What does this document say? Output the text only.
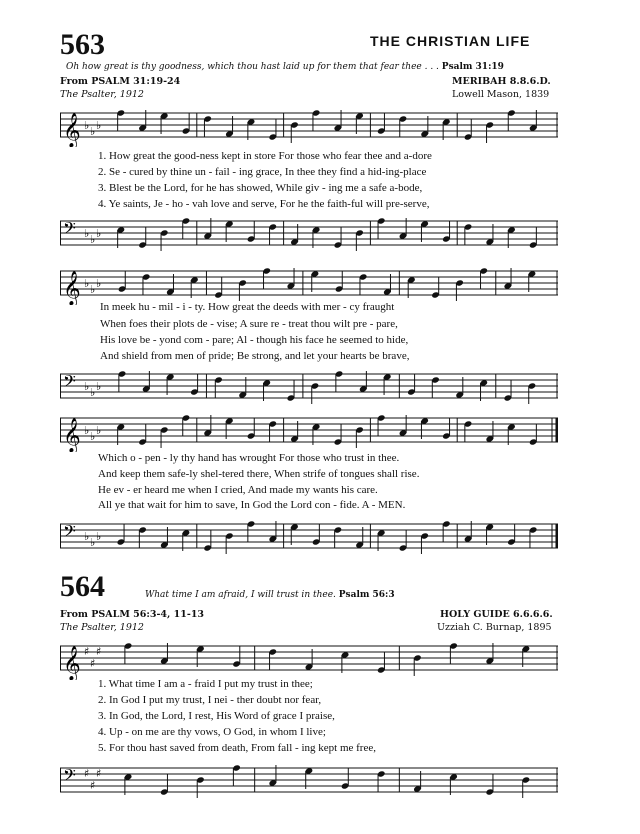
563	THE CHRISTIAN LIFE
Oh how great is thy goodness, which thou hast laid up for them that fear thee . . . Psalm 31:19
From PSALM 31:19-24	MERIBAH 8.8.6.D.
The Psalter, 1912	Lowell Mason, 1839
𝄞 ♭ ♭ ♭
1. How great the good-ness kept in store For those who fear thee and a-dore
2. Se - cured by thine un - fail - ing grace, In thee they find a hid-ing-place
3. Blest be the Lord, for he has showed, While giv - ing me a safe a-bode,
4. Ye saints, Je - ho - vah love and serve, For he the faith-ful will pre-serve,
𝄢 ♭ ♭ ♭
𝄞 ♭ ♭ ♭
In meek hu - mil - i - ty. How great the deeds with mer - cy fraught
When foes their plots de - vise; A sure re - treat thou wilt pre - pare,
His love be - yond com - pare; Al - though his face he seemed to hide,
And shield from men of pride; Be strong, and let your hearts be brave,
𝄢 ♭ ♭ ♭
𝄞 ♭ ♭ ♭
Which o - pen - ly thy hand has wrought For those who trust in thee.
And keep them safe-ly shel-tered there, When strife of tongues shall rise.
He ev - er heard me when I cried, And made my wants his care.
All ye that wait for him to save, In God the Lord con - fide. A - MEN.
𝄢 ♭ ♭ ♭
564	What time I am afraid, I will trust in thee. Psalm 56:3
From PSALM 56:3-4, 11-13	HOLY GUIDE 6.6.6.6.
The Psalter, 1912	Uzziah C. Burnap, 1895
𝄞 ♯
♯
♯
1. What time I am a - fraid I put my trust in thee;
2. In God I put my trust, I nei - ther doubt nor fear,
3. In God, the Lord, I rest, His Word of grace I praise,
4. Up - on me are thy vows, O God, in whom I live;
5. For thou hast saved from death, From fall - ing kept me free,
𝄢 ♯
♯
♯
